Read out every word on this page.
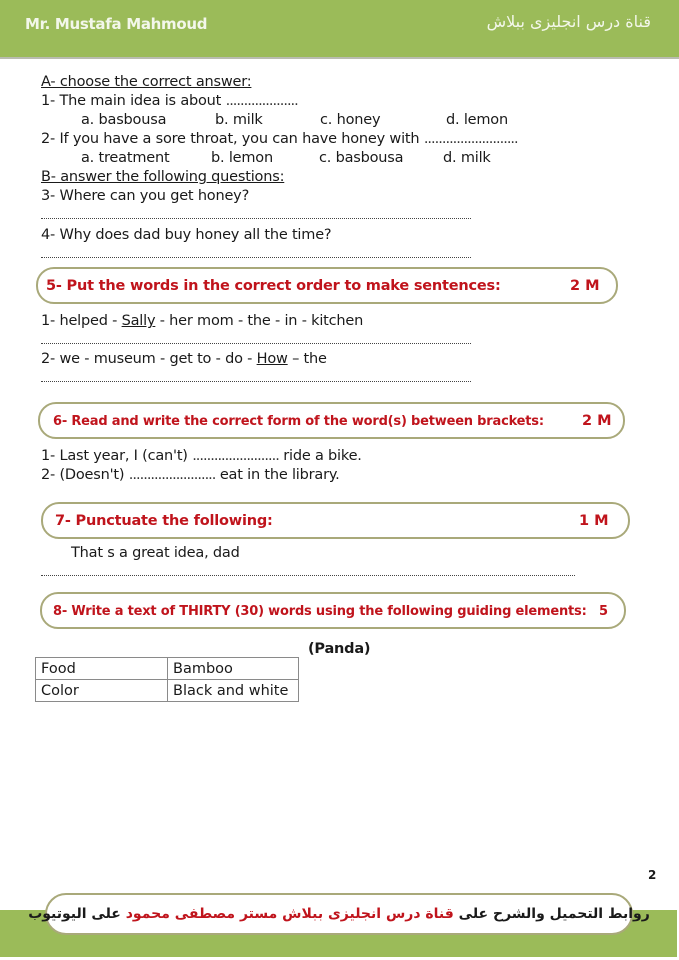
Mr. Mustafa Mahmoud	قناة درس انجليزى ببلاش
A- choose the correct answer:
1- The main idea is about ....................
a. basbousa	b. milk	c. honey	d. lemon
2- If you have a sore throat, you can have honey with ..........................
a. treatment	b. lemon	c. basbousa	d. milk
B- answer the following questions:
3- Where can you get honey?
4- Why does dad buy honey all the time?
5- Put the words in the correct order to make sentences:	2 M
1- helped - Sally - her mom - the - in - kitchen
2- we - museum - get to - do - How – the
6- Read and write the correct form of the word(s) between brackets:	2 M
1- Last year, I (can't) ........................ ride a bike.
2- (Doesn't) ........................ eat in the library.
7- Punctuate the following:	1 M
That s a great idea, dad
8- Write a text of THIRTY (30) words using the following guiding elements: 5
(Panda)
Food	Bamboo
Color	Black and white
روابط التحميل والشرح على

قناة درس انجليزى ببلاش مستر مصطفى محمود

على اليوتيوب
2
